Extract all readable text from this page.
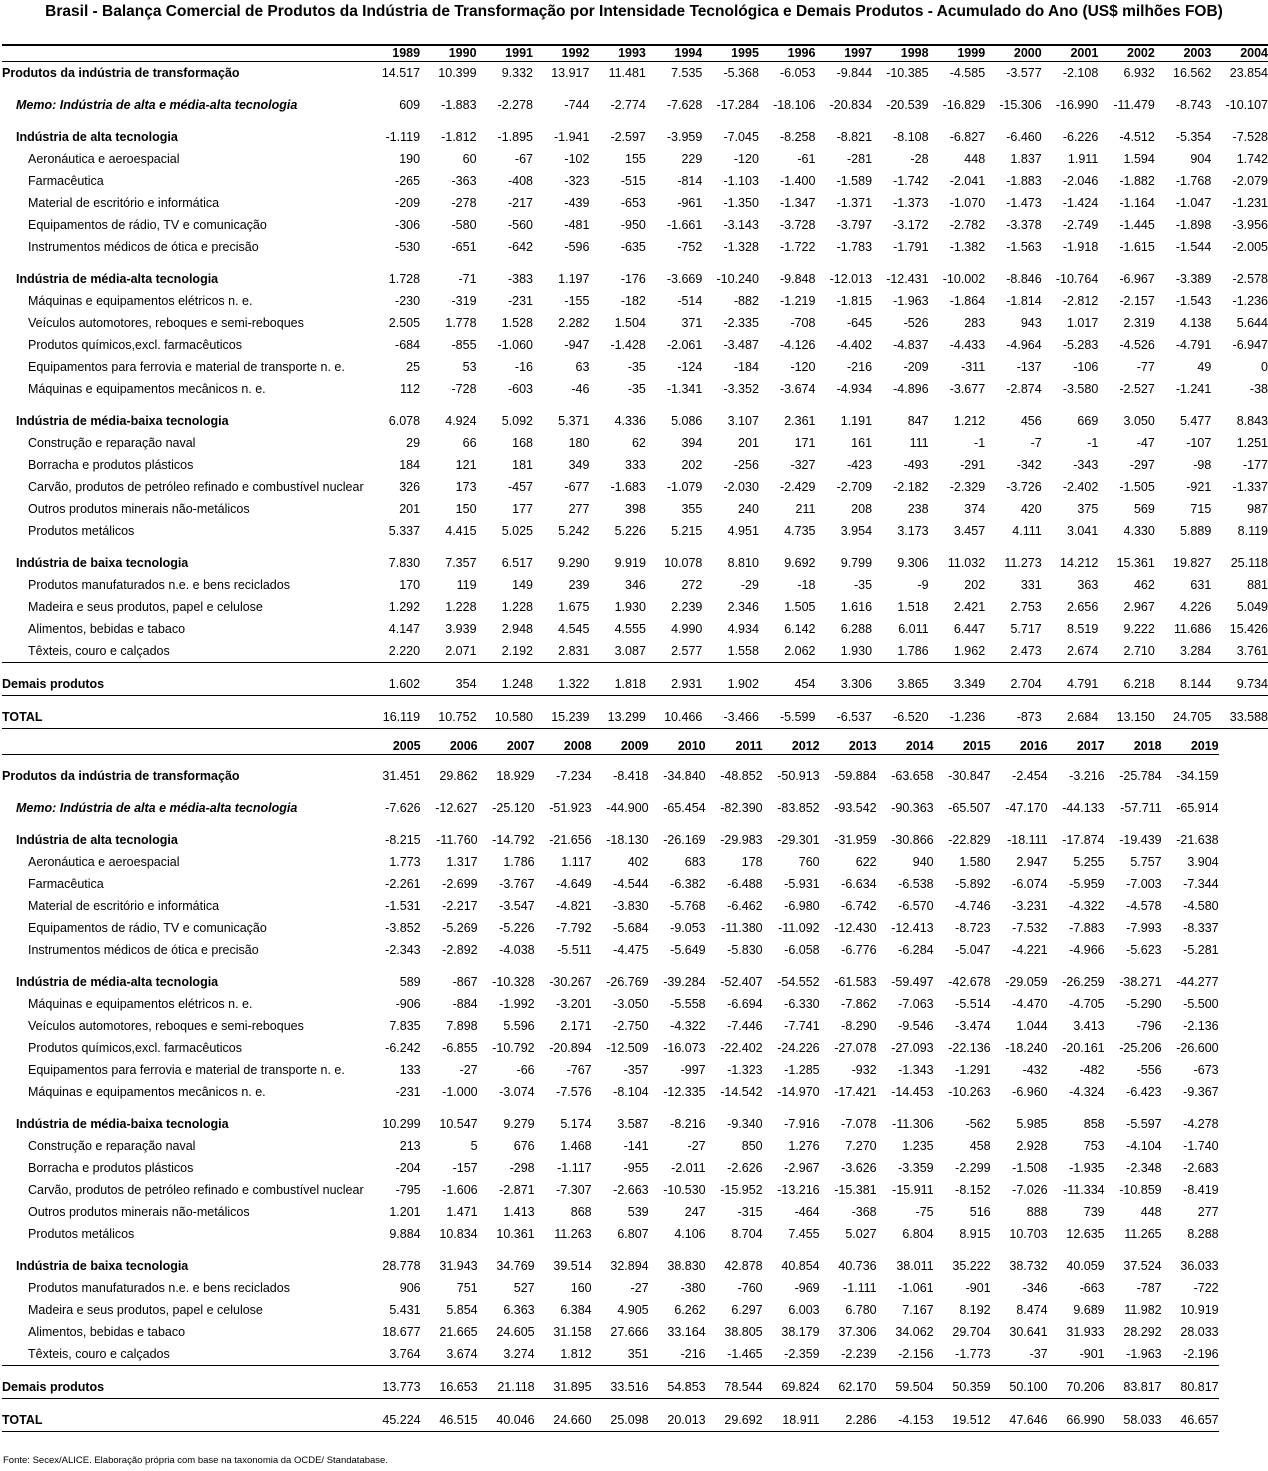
Brasil - Balança Comercial de Produtos da Indústria de Transformação por Intensidade Tecnológica e Demais Produtos - Acumulado do Ano (US$ milhões FOB)
	1989	1990	1991	1992	1993	1994	1995	1996	1997	1998	1999	2000	2001	2002	2003	2004
Produtos da indústria de transformação	14.517	10.399	9.332	13.917	11.481	7.535	-5.368	-6.053	-9.844	-10.385	-4.585	-3.577	-2.108	6.932	16.562	23.854

Memo: Indústria de alta e média-alta tecnologia	609	-1.883	-2.278	-744	-2.774	-7.628	-17.284	-18.106	-20.834	-20.539	-16.829	-15.306	-16.990	-11.479	-8.743	-10.107

Indústria de alta tecnologia	-1.119	-1.812	-1.895	-1.941	-2.597	-3.959	-7.045	-8.258	-8.821	-8.108	-6.827	-6.460	-6.226	-4.512	-5.354	-7.528
Aeronáutica e aeroespacial	190	60	-67	-102	155	229	-120	-61	-281	-28	448	1.837	1.911	1.594	904	1.742
Farmacêutica	-265	-363	-408	-323	-515	-814	-1.103	-1.400	-1.589	-1.742	-2.041	-1.883	-2.046	-1.882	-1.768	-2.079
Material de escritório e informática	-209	-278	-217	-439	-653	-961	-1.350	-1.347	-1.371	-1.373	-1.070	-1.473	-1.424	-1.164	-1.047	-1.231
Equipamentos de rádio, TV e comunicação	-306	-580	-560	-481	-950	-1.661	-3.143	-3.728	-3.797	-3.172	-2.782	-3.378	-2.749	-1.445	-1.898	-3.956
Instrumentos médicos de ótica e precisão	-530	-651	-642	-596	-635	-752	-1.328	-1.722	-1.783	-1.791	-1.382	-1.563	-1.918	-1.615	-1.544	-2.005

Indústria de média-alta tecnologia	1.728	-71	-383	1.197	-176	-3.669	-10.240	-9.848	-12.013	-12.431	-10.002	-8.846	-10.764	-6.967	-3.389	-2.578
Máquinas e equipamentos elétricos n. e.	-230	-319	-231	-155	-182	-514	-882	-1.219	-1.815	-1.963	-1.864	-1.814	-2.812	-2.157	-1.543	-1.236
Veículos automotores, reboques e semi-reboques	2.505	1.778	1.528	2.282	1.504	371	-2.335	-708	-645	-526	283	943	1.017	2.319	4.138	5.644
Produtos químicos,excl. farmacêuticos	-684	-855	-1.060	-947	-1.428	-2.061	-3.487	-4.126	-4.402	-4.837	-4.433	-4.964	-5.283	-4.526	-4.791	-6.947
Equipamentos para ferrovia e material de transporte n. e.	25	53	-16	63	-35	-124	-184	-120	-216	-209	-311	-137	-106	-77	49	0
Máquinas e equipamentos mecânicos n. e.	112	-728	-603	-46	-35	-1.341	-3.352	-3.674	-4.934	-4.896	-3.677	-2.874	-3.580	-2.527	-1.241	-38

Indústria de média-baixa tecnologia	6.078	4.924	5.092	5.371	4.336	5.086	3.107	2.361	1.191	847	1.212	456	669	3.050	5.477	8.843
Construção e reparação naval	29	66	168	180	62	394	201	171	161	111	-1	-7	-1	-47	-107	1.251
Borracha e produtos plásticos	184	121	181	349	333	202	-256	-327	-423	-493	-291	-342	-343	-297	-98	-177
Carvão, produtos de petróleo refinado e combustível nuclear	326	173	-457	-677	-1.683	-1.079	-2.030	-2.429	-2.709	-2.182	-2.329	-3.726	-2.402	-1.505	-921	-1.337
Outros produtos minerais não-metálicos	201	150	177	277	398	355	240	211	208	238	374	420	375	569	715	987
Produtos metálicos	5.337	4.415	5.025	5.242	5.226	5.215	4.951	4.735	3.954	3.173	3.457	4.111	3.041	4.330	5.889	8.119

Indústria de baixa tecnologia	7.830	7.357	6.517	9.290	9.919	10.078	8.810	9.692	9.799	9.306	11.032	11.273	14.212	15.361	19.827	25.118
Produtos manufaturados n.e. e bens reciclados	170	119	149	239	346	272	-29	-18	-35	-9	202	331	363	462	631	881
Madeira e seus produtos, papel e celulose	1.292	1.228	1.228	1.675	1.930	2.239	2.346	1.505	1.616	1.518	2.421	2.753	2.656	2.967	4.226	5.049
Alimentos, bebidas e tabaco	4.147	3.939	2.948	4.545	4.555	4.990	4.934	6.142	6.288	6.011	6.447	5.717	8.519	9.222	11.686	15.426
Têxteis, couro e calçados	2.220	2.071	2.192	2.831	3.087	2.577	1.558	2.062	1.930	1.786	1.962	2.473	2.674	2.710	3.284	3.761

Demais produtos	1.602	354	1.248	1.322	1.818	2.931	1.902	454	3.306	3.865	3.349	2.704	4.791	6.218	8.144	9.734

TOTAL	16.119	10.752	10.580	15.239	13.299	10.466	-3.466	-5.599	-6.537	-6.520	-1.236	-873	2.684	13.150	24.705	33.588
	2005	2006	2007	2008	2009	2010	2011	2012	2013	2014	2015	2016	2017	2018	2019

Produtos da indústria de transformação	31.451	29.862	18.929	-7.234	-8.418	-34.840	-48.852	-50.913	-59.884	-63.658	-30.847	-2.454	-3.216	-25.784	-34.159

Memo: Indústria de alta e média-alta tecnologia	-7.626	-12.627	-25.120	-51.923	-44.900	-65.454	-82.390	-83.852	-93.542	-90.363	-65.507	-47.170	-44.133	-57.711	-65.914

Indústria de alta tecnologia	-8.215	-11.760	-14.792	-21.656	-18.130	-26.169	-29.983	-29.301	-31.959	-30.866	-22.829	-18.111	-17.874	-19.439	-21.638
Aeronáutica e aeroespacial	1.773	1.317	1.786	1.117	402	683	178	760	622	940	1.580	2.947	5.255	5.757	3.904
Farmacêutica	-2.261	-2.699	-3.767	-4.649	-4.544	-6.382	-6.488	-5.931	-6.634	-6.538	-5.892	-6.074	-5.959	-7.003	-7.344
Material de escritório e informática	-1.531	-2.217	-3.547	-4.821	-3.830	-5.768	-6.462	-6.980	-6.742	-6.570	-4.746	-3.231	-4.322	-4.578	-4.580
Equipamentos de rádio, TV e comunicação	-3.852	-5.269	-5.226	-7.792	-5.684	-9.053	-11.380	-11.092	-12.430	-12.413	-8.723	-7.532	-7.883	-7.993	-8.337
Instrumentos médicos de ótica e precisão	-2.343	-2.892	-4.038	-5.511	-4.475	-5.649	-5.830	-6.058	-6.776	-6.284	-5.047	-4.221	-4.966	-5.623	-5.281

Indústria de média-alta tecnologia	589	-867	-10.328	-30.267	-26.769	-39.284	-52.407	-54.552	-61.583	-59.497	-42.678	-29.059	-26.259	-38.271	-44.277
Máquinas e equipamentos elétricos n. e.	-906	-884	-1.992	-3.201	-3.050	-5.558	-6.694	-6.330	-7.862	-7.063	-5.514	-4.470	-4.705	-5.290	-5.500
Veículos automotores, reboques e semi-reboques	7.835	7.898	5.596	2.171	-2.750	-4.322	-7.446	-7.741	-8.290	-9.546	-3.474	1.044	3.413	-796	-2.136
Produtos químicos,excl. farmacêuticos	-6.242	-6.855	-10.792	-20.894	-12.509	-16.073	-22.402	-24.226	-27.078	-27.093	-22.136	-18.240	-20.161	-25.206	-26.600
Equipamentos para ferrovia e material de transporte n. e.	133	-27	-66	-767	-357	-997	-1.323	-1.285	-932	-1.343	-1.291	-432	-482	-556	-673
Máquinas e equipamentos mecânicos n. e.	-231	-1.000	-3.074	-7.576	-8.104	-12.335	-14.542	-14.970	-17.421	-14.453	-10.263	-6.960	-4.324	-6.423	-9.367

Indústria de média-baixa tecnologia	10.299	10.547	9.279	5.174	3.587	-8.216	-9.340	-7.916	-7.078	-11.306	-562	5.985	858	-5.597	-4.278
Construção e reparação naval	213	5	676	1.468	-141	-27	850	1.276	7.270	1.235	458	2.928	753	-4.104	-1.740
Borracha e produtos plásticos	-204	-157	-298	-1.117	-955	-2.011	-2.626	-2.967	-3.626	-3.359	-2.299	-1.508	-1.935	-2.348	-2.683
Carvão, produtos de petróleo refinado e combustível nuclear	-795	-1.606	-2.871	-7.307	-2.663	-10.530	-15.952	-13.216	-15.381	-15.911	-8.152	-7.026	-11.334	-10.859	-8.419
Outros produtos minerais não-metálicos	1.201	1.471	1.413	868	539	247	-315	-464	-368	-75	516	888	739	448	277
Produtos metálicos	9.884	10.834	10.361	11.263	6.807	4.106	8.704	7.455	5.027	6.804	8.915	10.703	12.635	11.265	8.288

Indústria de baixa tecnologia	28.778	31.943	34.769	39.514	32.894	38.830	42.878	40.854	40.736	38.011	35.222	38.732	40.059	37.524	36.033
Produtos manufaturados n.e. e bens reciclados	906	751	527	160	-27	-380	-760	-969	-1.111	-1.061	-901	-346	-663	-787	-722
Madeira e seus produtos, papel e celulose	5.431	5.854	6.363	6.384	4.905	6.262	6.297	6.003	6.780	7.167	8.192	8.474	9.689	11.982	10.919
Alimentos, bebidas e tabaco	18.677	21.665	24.605	31.158	27.666	33.164	38.805	38.179	37.306	34.062	29.704	30.641	31.933	28.292	28.033
Têxteis, couro e calçados	3.764	3.674	3.274	1.812	351	-216	-1.465	-2.359	-2.239	-2.156	-1.773	-37	-901	-1.963	-2.196

Demais produtos	13.773	16.653	21.118	31.895	33.516	54.853	78.544	69.824	62.170	59.504	50.359	50.100	70.206	83.817	80.817

TOTAL	45.224	46.515	40.046	24.660	25.098	20.013	29.692	18.911	2.286	-4.153	19.512	47.646	66.990	58.033	46.657
Fonte: Secex/ALICE. Elaboração própria com base na taxonomia da OCDE/ Standatabase.
